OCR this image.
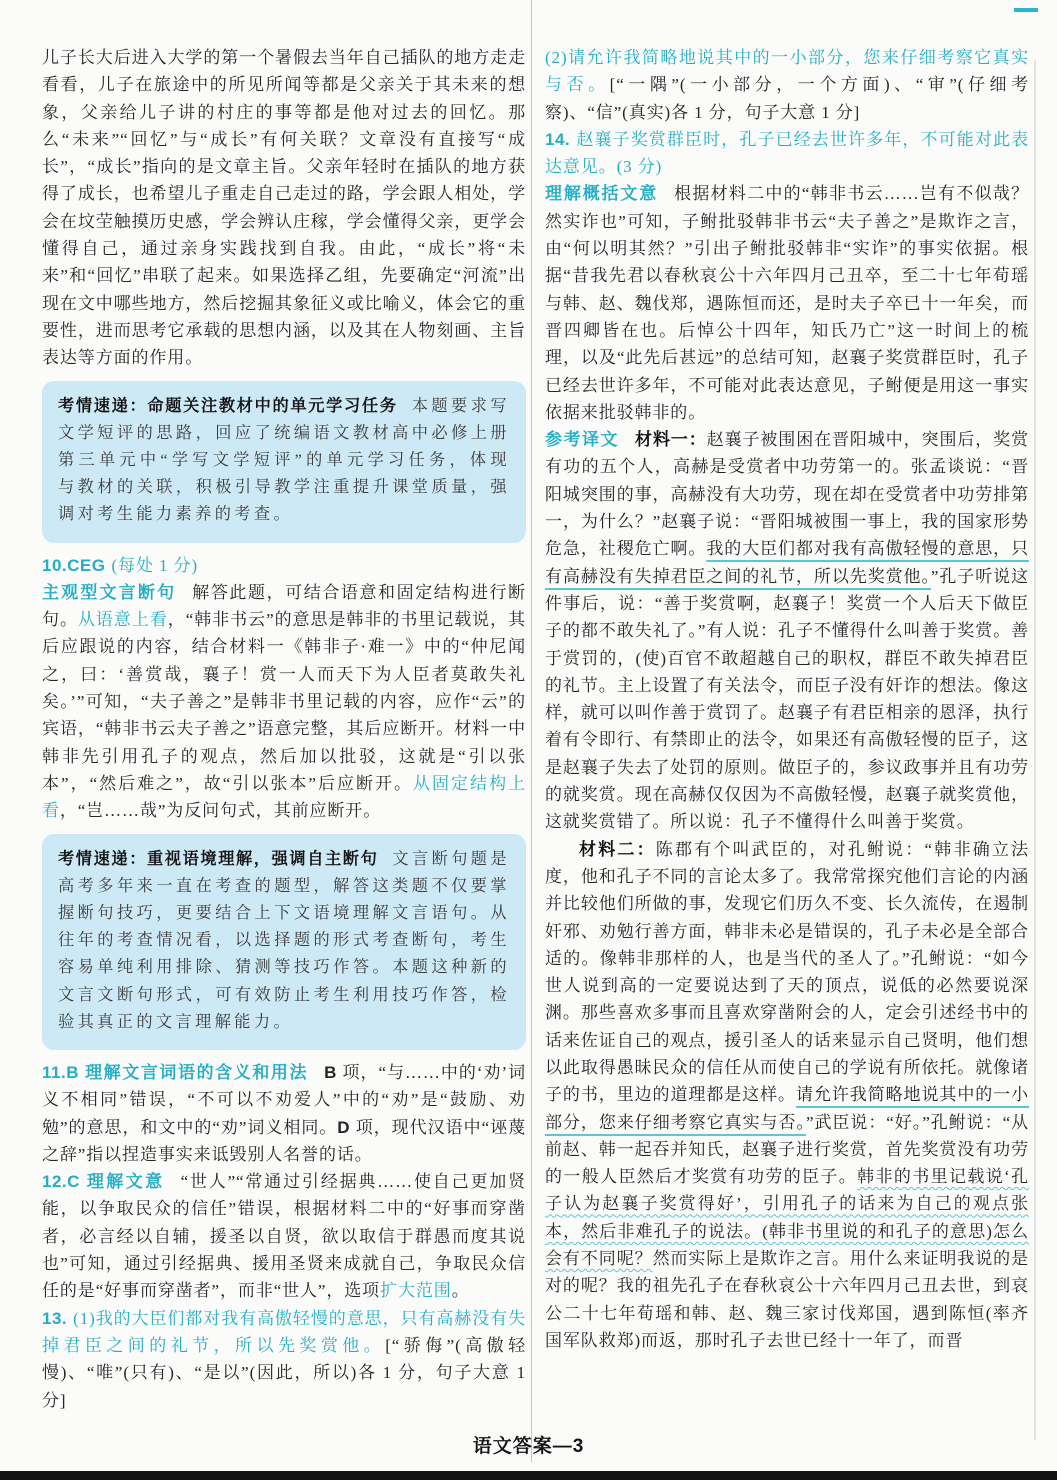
儿子长大后进入大学的第一个暑假去当年自己插队的地方走走看看，儿子在旅途中的所见所闻等都是父亲关于其未来的想象，父亲给儿子讲的村庄的事等都是他对过去的回忆。那么“未来”“回忆”与“成长”有何关联？文章没有直接写“成长”，“成长”指向的是文章主旨。父亲年轻时在插队的地方获得了成长，也希望儿子重走自己走过的路，学会跟人相处，学会在坟茔触摸历史感，学会辨认庄稼，学会懂得父亲，更学会懂得自己，通过亲身实践找到自我。由此，“成长”将“未来”和“回忆”串联了起来。如果选择乙组，先要确定“河流”出现在文中哪些地方，然后挖掘其象征义或比喻义，体会它的重要性，进而思考它承载的思想内涵，以及其在人物刻画、主旨表达等方面的作用。

考情速递：命题关注教材中的单元学习任务 本题要求写文学短评的思路，回应了统编语文教材高中必修上册第三单元中“学写文学短评”的单元学习任务，体现与教材的关联，积极引导教学注重提升课堂质量，强调对考生能力素养的考查。

10.CEG (每处 1 分)

主观型文言断句 解答此题，可结合语意和固定结构进行断句。从语意上看，“韩非书云”的意思是韩非的书里记载说，其后应跟说的内容，结合材料一《韩非子·难一》中的“仲尼闻之，曰：‘善赏哉，襄子！赏一人而天下为人臣者莫敢失礼矣。’”可知，“夫子善之”是韩非书里记载的内容，应作“云”的宾语，“韩非书云夫子善之”语意完整，其后应断开。材料一中韩非先引用孔子的观点，然后加以批驳，这就是“引以张本”，“然后难之”，故“引以张本”后应断开。从固定结构上看，“岂……哉”为反问句式，其前应断开。

考情速递：重视语境理解，强调自主断句 文言断句题是高考多年来一直在考查的题型，解答这类题不仅要掌握断句技巧，更要结合上下文语境理解文言语句。从往年的考查情况看，以选择题的形式考查断句，考生容易单纯利用排除、猜测等技巧作答。本题这种新的文言文断句形式，可有效防止考生利用技巧作答，检验其真正的文言理解能力。

11.B 理解文言词语的含义和用法 B 项，“与……中的‘劝’词义不相同”错误，“不可以不劝爱人”中的“劝”是“鼓励、劝勉”的意思，和文中的“劝”词义相同。D 项，现代汉语中“诬蔑之辞”指以捏造事实来诋毁别人名誉的话。

12.C 理解文意 “世人”“常通过引经据典……使自己更加贤能，以争取民众的信任”错误，根据材料二中的“好事而穿凿者，必言经以自辅，援圣以自贤，欲以取信于群愚而度其说也”可知，通过引经据典、援用圣贤来成就自己，争取民众信任的是“好事而穿凿者”，而非“世人”，选项扩大范围。

13. (1)我的大臣们都对我有高傲轻慢的意思，只有高赫没有失掉君臣之间的礼节，所以先奖赏他。[“骄侮”(高傲轻慢)、“唯”(只有)、“是以”(因此，所以)各 1 分，句子大意 1 分]

(2)请允许我简略地说其中的一小部分，您来仔细考察它真实与否。[“一隅”(一小部分，一个方面)、“审”(仔细考察)、“信”(真实)各 1 分，句子大意 1 分]

14. 赵襄子奖赏群臣时，孔子已经去世许多年，不可能对此表达意见。(3 分)

理解概括文意 根据材料二中的“韩非书云……岂有不似哉？然实诈也”可知，子鲋批驳韩非书云“夫子善之”是欺诈之言，由“何以明其然？”引出子鲋批驳韩非“实诈”的事实依据。根据“昔我先君以春秋哀公十六年四月己丑卒，至二十七年荀瑶与韩、赵、魏伐郑，遇陈恒而还，是时夫子卒已十一年矣，而晋四卿皆在也。后悼公十四年，知氏乃亡”这一时间上的梳理，以及“此先后甚远”的总结可知，赵襄子奖赏群臣时，孔子已经去世许多年，不可能对此表达意见，子鲋便是用这一事实依据来批驳韩非的。

参考译文 材料一：赵襄子被围困在晋阳城中，突围后，奖赏有功的五个人，高赫是受赏者中功劳第一的。张孟谈说：“晋阳城突围的事，高赫没有大功劳，现在却在受赏者中功劳排第一，为什么？”赵襄子说：“晋阳城被围一事上，我的国家形势危急，社稷危亡啊。我的大臣们都对我有高傲轻慢的意思，只有高赫没有失掉君臣之间的礼节，所以先奖赏他。”孔子听说这件事后，说：“善于奖赏啊，赵襄子！奖赏一个人后天下做臣子的都不敢失礼了。”有人说：孔子不懂得什么叫善于奖赏。善于赏罚的，(使)百官不敢超越自己的职权，群臣不敢失掉君臣的礼节。主上设置了有关法令，而臣子没有奸诈的想法。像这样，就可以叫作善于赏罚了。赵襄子有君臣相亲的恩泽，执行着有令即行、有禁即止的法令，如果还有高傲轻慢的臣子，这是赵襄子失去了处罚的原则。做臣子的，参议政事并且有功劳的就奖赏。现在高赫仅仅因为不高傲轻慢，赵襄子就奖赏他，这就奖赏错了。所以说：孔子不懂得什么叫善于奖赏。

材料二：陈郡有个叫武臣的，对孔鲋说：“韩非确立法度，他和孔子不同的言论太多了。我常常探究他们言论的内涵并比较他们所做的事，发现它们历久不变、长久流传，在遏制奸邪、劝勉行善方面，韩非未必是错误的，孔子未必是全部合适的。像韩非那样的人，也是当代的圣人了。”孔鲋说：“如今世人说到高的一定要说达到了天的顶点，说低的必然要说深渊。那些喜欢多事而且喜欢穿凿附会的人，定会引述经书中的话来佐证自己的观点，援引圣人的话来显示自己贤明，他们想以此取得愚昧民众的信任从而使自己的学说有所依托。就像诸子的书，里边的道理都是这样。请允许我简略地说其中的一小部分，您来仔细考察它真实与否。”武臣说：“好。”孔鲋说：“从前赵、韩一起吞并知氏，赵襄子进行奖赏，首先奖赏没有功劳的一般人臣然后才奖赏有功劳的臣子。韩非的书里记载说‘孔子认为赵襄子奖赏得好’，引用孔子的话来为自己的观点张本，然后非难孔子的说法。(韩非书里说的和孔子的意思)怎么会有不同呢？然而实际上是欺诈之言。用什么来证明我说的是对的呢？我的祖先孔子在春秋哀公十六年四月己丑去世，到哀公二十七年荀瑶和韩、赵、魏三家讨伐郑国，遇到陈恒(率齐国军队救郑)而返，那时孔子去世已经十一年了，而晋

语文答案—3
